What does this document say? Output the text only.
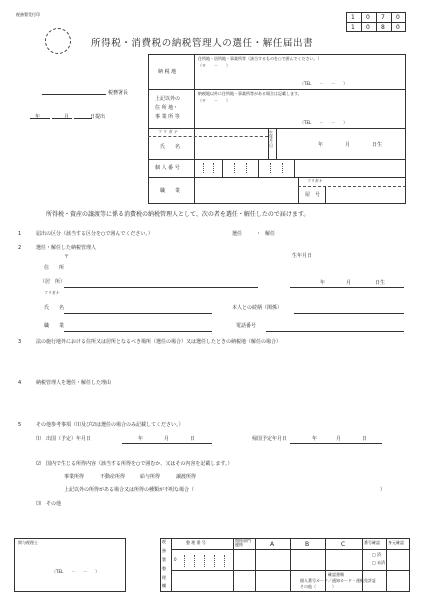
税務署受付印	1 0 7 0
1 0 8 0
所得税・消費税の納税管理人の選任・解任届出書
税務署長
年	月	日提出
納 税 地
住所地・居所地・事業所等（該当するものを○で囲んでください。）
（〒　　－　　）
（TEL　　－　　－　　）
上記以外の
住 所 地・
事 業 所 等
納税地以外に住所地・事業所等がある場合は記載します。
（〒　　－　　）
（TEL　　－　　－　　）
フ リ ガ ナ
氏　　名
生年月日	年	月	日生
個 人 番 号
職　　業
フリガナ
屋　号
所得税・資産の譲渡等に係る消費税の納税管理人として、次の者を選任・解任したので届けます。
1	届出の区分（該当する区分を○で囲んでください。）	選任	・ 解任
2	選任・解任した納税管理人
〒	生年月日
住　　所
（居　所）	年	月	日生
フリガナ
氏　　名	本人との続柄（関係）
職　　業	電話番号
3	法の施行地外における住所又は居所となるべき場所（選任の場合）又は選任したときの納税地（解任の場合）
4	納税管理人を選任・解任した理由
5	その他参考事項（⑴及び⑵は選任の場合のみ記載してください。）
⑴ 出国（予定）年月日	年	月	日	帰国予定年月日	年	月	日
⑵ 国内で生じる所得内容（該当する所得を○で囲むか、又はその内容を記載します。）
事業所得	不動産所得	給与所得	譲渡所得
上記以外の所得がある場合又は所得の種類が不明な場合（	）
⑶ その他
関与税理士
（TEL　　－　　－　　）
税
務
署
整
理
欄
整 理 番 号	関係部門連絡	A	B	C	番号確認 身元確認
0
□ 済
□ 未済
確認書類
個人番号カード／通知カード・運転免許証
その他（　　　　）
